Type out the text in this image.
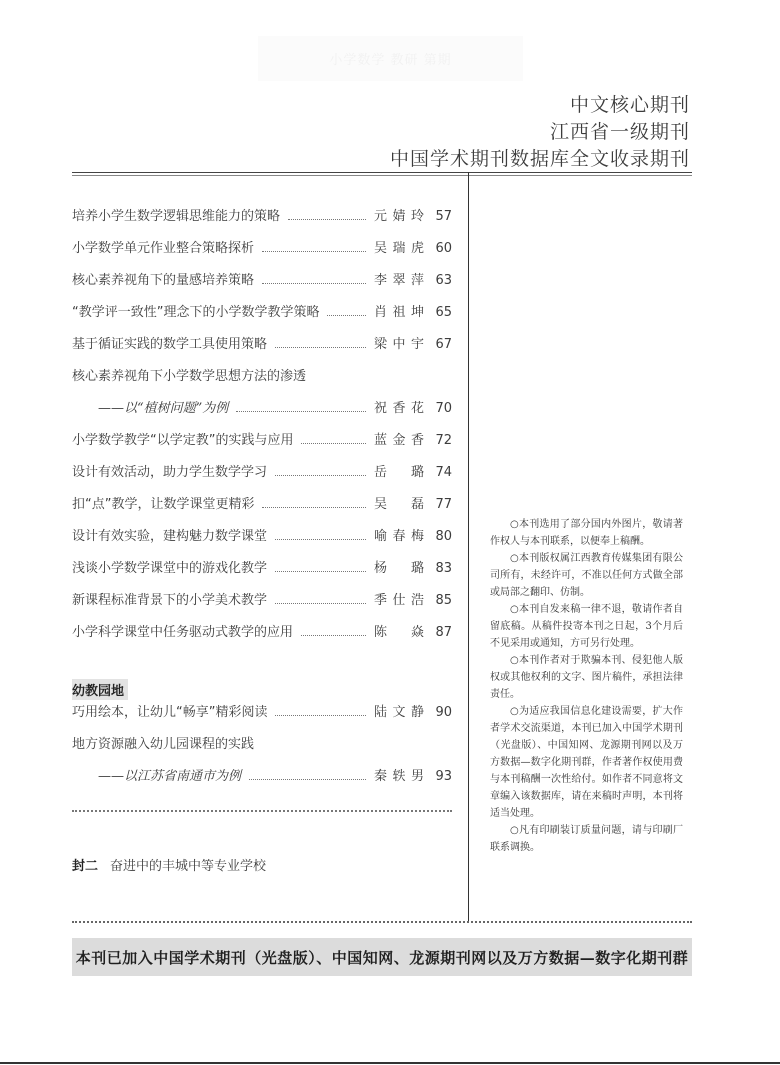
小学数学 教研 第期
中文核心期刊
江西省一级期刊
中国学术期刊数据库全文收录期刊
培养小学生数学逻辑思维能力的策略	元婧玲 57
小学数学单元作业整合策略探析	吴瑞虎 60
核心素养视角下的量感培养策略	李翠萍 63
“教学评一致性”理念下的小学数学教学策略	肖祖坤 65
基于循证实践的数学工具使用策略	梁中宇 67
核心素养视角下小学数学思想方法的渗透
——以“植树问题”为例	祝香花 70
小学数学教学“以学定教”的实践与应用	蓝金香 72
设计有效活动，助力学生数学学习	岳　璐 74
扣“点”教学，让数学课堂更精彩	吴　磊 77
设计有效实验，建构魅力数学课堂	喻春梅 80
浅谈小学数学课堂中的游戏化教学	杨　璐 83
新课程标准背景下的小学美术教学	季仕浩 85
小学科学课堂中任务驱动式教学的应用	陈　焱 87
幼教园地
巧用绘本，让幼儿“畅享”精彩阅读	陆文静 90
地方资源融入幼儿园课程的实践
——以江苏省南通市为例	秦轶男 93
封二 奋进中的丰城中等专业学校

○本刊选用了部分国内外图片，敬请著作权人与本刊联系，以便奉上稿酬。

○本刊版权属江西教育传媒集团有限公司所有，未经许可，不准以任何方式做全部或局部之翻印、仿制。

○本刊自发来稿一律不退，敬请作者自留底稿。从稿件投寄本刊之日起，3个月后不见采用或通知，方可另行处理。

○本刊作者对于欺骗本刊、侵犯他人版权或其他权利的文字、图片稿件，承担法律责任。

○为适应我国信息化建设需要，扩大作者学术交流渠道，本刊已加入中国学术期刊（光盘版）、中国知网、龙源期刊网以及万方数据—数字化期刊群，作者著作权使用费与本刊稿酬一次性给付。如作者不同意将文章编入该数据库，请在来稿时声明，本刊将适当处理。

○凡有印刷装订质量问题，请与印刷厂联系调换。

本刊已加入中国学术期刊（光盘版）、中国知网、龙源期刊网以及万方数据—数字化期刊群
